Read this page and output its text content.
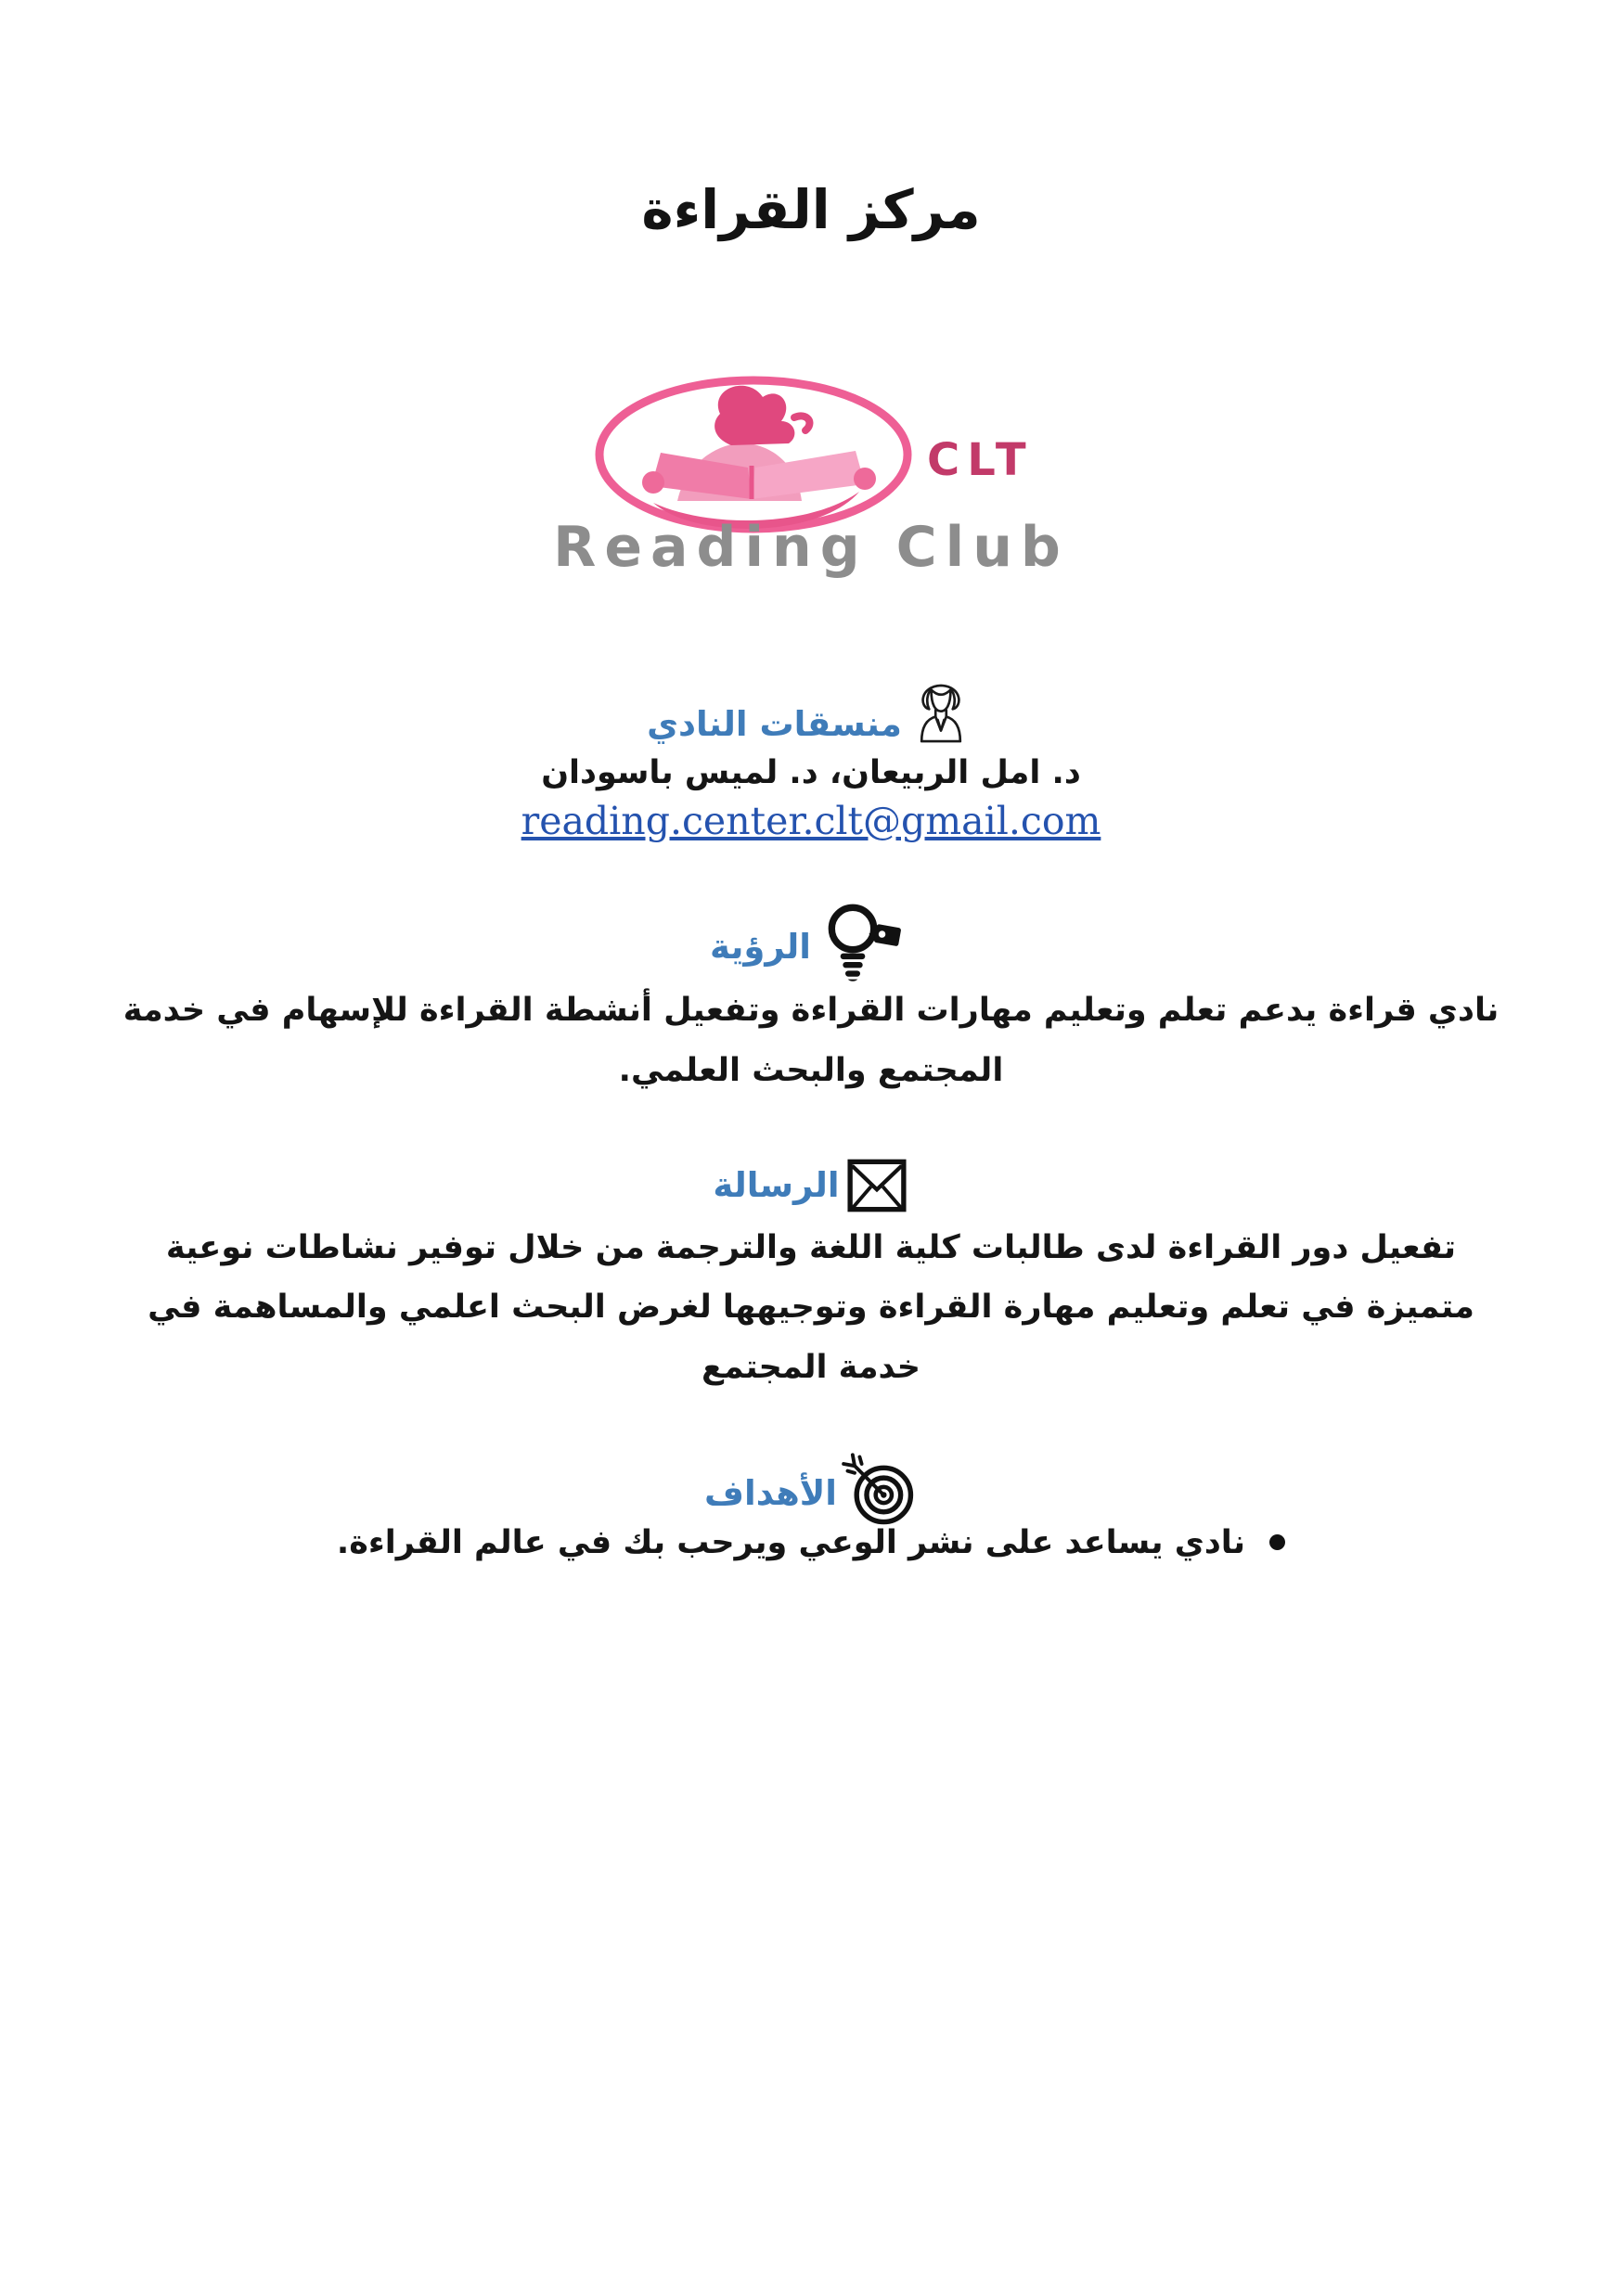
مركز القراءة
CLT
Reading Club
منسقات النادي

د. امل الربيعان، د. لميس باسودان

reading.center.clt@gmail.com

الرؤية

نادي قراءة يدعم تعلم وتعليم مهارات القراءة وتفعيل أنشطة القراءة للإسهام في خدمة المجتمع والبحث العلمي.

الرسالة

تفعيل دور القراءة لدى طالبات كلية اللغة والترجمة من خلال توفير نشاطات نوعية متميزة في تعلم وتعليم مهارة القراءة وتوجيهها لغرض البحث اعلمي والمساهمة في خدمة المجتمع

الأهداف
نادي يساعد على نشر الوعي ويرحب بك في عالم القراءة.
